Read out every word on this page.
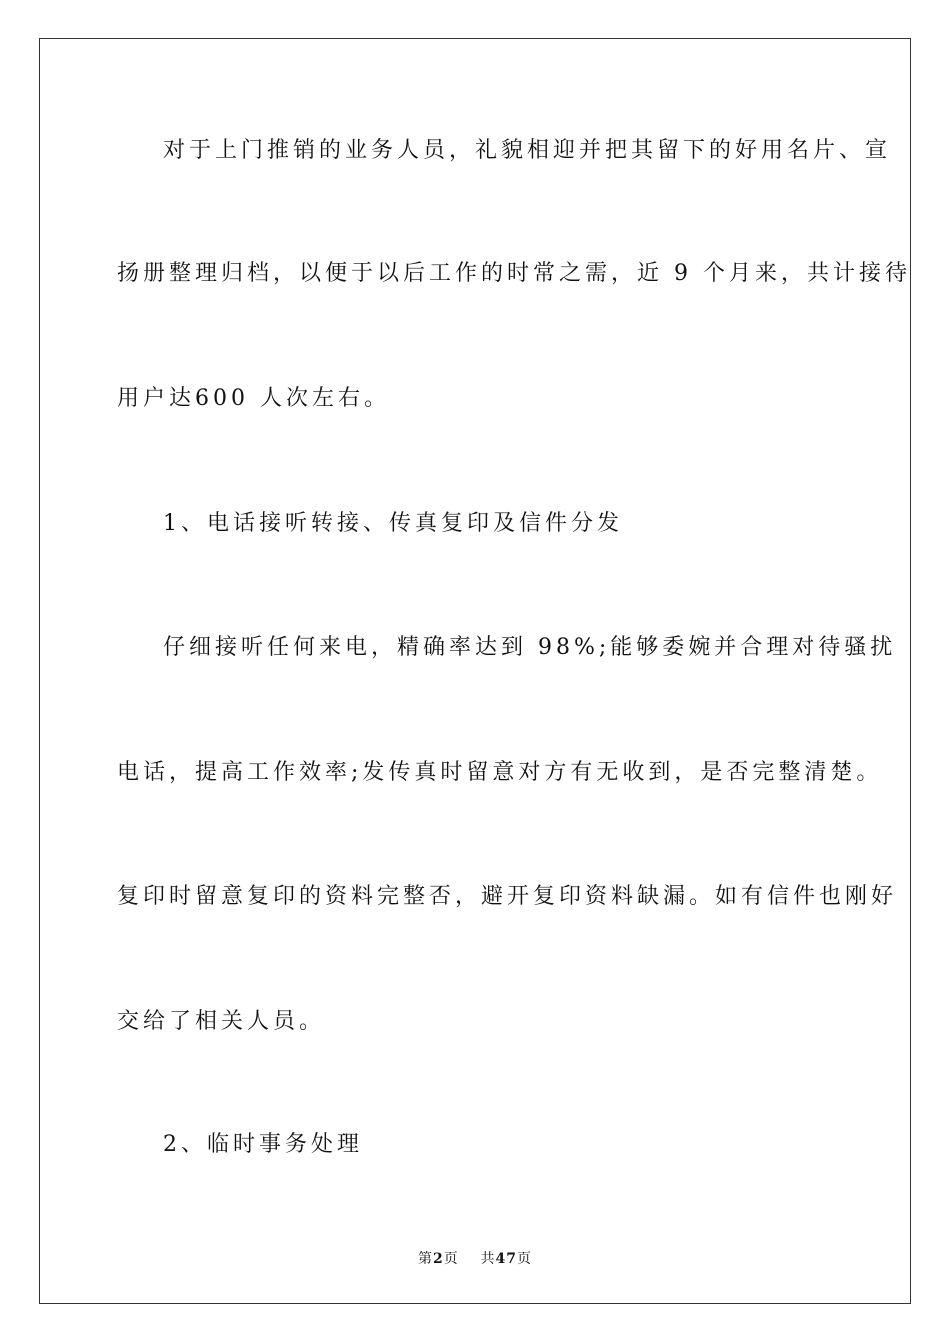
对于上门推销的业务人员，礼貌相迎并把其留下的好用名片、宣
扬册整理归档，以便于以后工作的时常之需，近 9 个月来，共计接待
用户达600 人次左右。
1、电话接听转接、传真复印及信件分发
仔细接听任何来电，精确率达到 98%;能够委婉并合理对待骚扰
电话，提高工作效率;发传真时留意对方有无收到，是否完整清楚。
复印时留意复印的资料完整否，避开复印资料缺漏。如有信件也刚好
交给了相关人员。
2、临时事务处理
第2页 共47页
